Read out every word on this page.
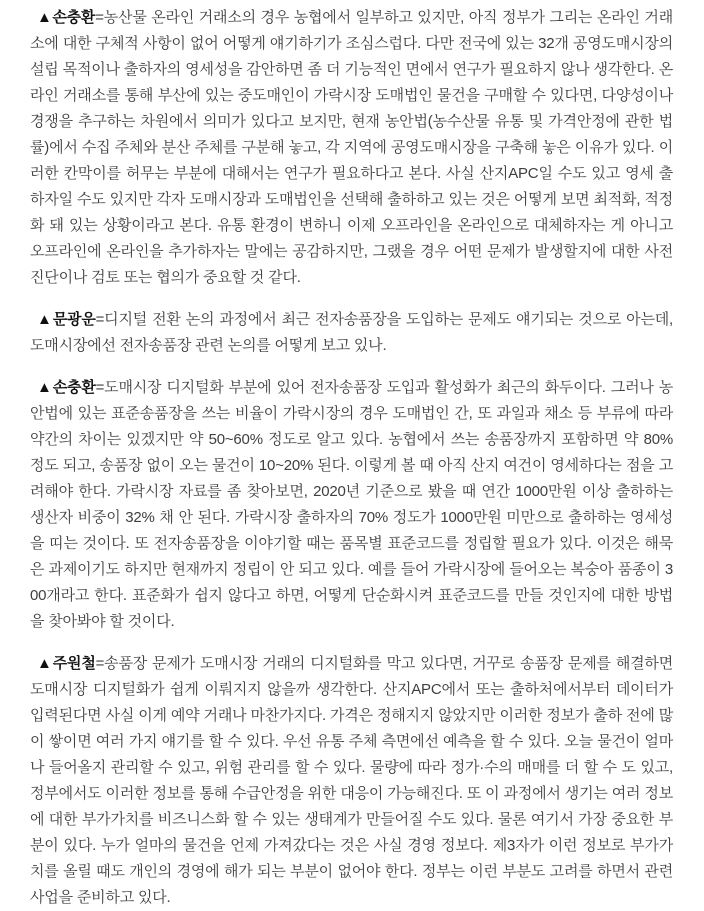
▲손충환=농산물 온라인 거래소의 경우 농협에서 일부하고 있지만, 아직 정부가 그리는 온라인 거래소에 대한 구체적 사항이 없어 어떻게 얘기하기가 조심스럽다. 다만 전국에 있는 32개 공영도매시장의 설립 목적이나 출하자의 영세성을 감안하면 좀 더 기능적인 면에서 연구가 필요하지 않나 생각한다. 온라인 거래소를 통해 부산에 있는 중도매인이 가락시장 도매법인 물건을 구매할 수 있다면, 다양성이나 경쟁을 추구하는 차원에서 의미가 있다고 보지만, 현재 농안법(농수산물 유통 및 가격안정에 관한 법률)에서 수집 주체와 분산 주체를 구분해 놓고, 각 지역에 공영도매시장을 구축해 놓은 이유가 있다. 이러한 칸막이를 허무는 부분에 대해서는 연구가 필요하다고 본다. 사실 산지APC일 수도 있고 영세 출하자일 수도 있지만 각자 도매시장과 도매법인을 선택해 출하하고 있는 것은 어떻게 보면 최적화, 적정화 돼 있는 상황이라고 본다. 유통 환경이 변하니 이제 오프라인을 온라인으로 대체하자는 게 아니고 오프라인에 온라인을 추가하자는 말에는 공감하지만, 그랬을 경우 어떤 문제가 발생할지에 대한 사전 진단이나 검토 또는 협의가 중요할 것 같다.

▲문광운=디지털 전환 논의 과정에서 최근 전자송품장을 도입하는 문제도 얘기되는 것으로 아는데, 도매시장에선 전자송품장 관련 논의를 어떻게 보고 있나.

▲손충환=도매시장 디지털화 부분에 있어 전자송품장 도입과 활성화가 최근의 화두이다. 그러나 농안법에 있는 표준송품장을 쓰는 비율이 가락시장의 경우 도매법인 간, 또 과일과 채소 등 부류에 따라 약간의 차이는 있겠지만 약 50~60% 정도로 알고 있다. 농협에서 쓰는 송품장까지 포함하면 약 80% 정도 되고, 송품장 없이 오는 물건이 10~20% 된다. 이렇게 볼 때 아직 산지 여건이 영세하다는 점을 고려해야 한다. 가락시장 자료를 좀 찾아보면, 2020년 기준으로 봤을 때 연간 1000만원 이상 출하하는 생산자 비중이 32% 채 안 된다. 가락시장 출하자의 70% 정도가 1000만원 미만으로 출하하는 영세성을 띠는 것이다. 또 전자송품장을 이야기할 때는 품목별 표준코드를 정립할 필요가 있다. 이것은 해묵은 과제이기도 하지만 현재까지 정립이 안 되고 있다. 예를 들어 가락시장에 들어오는 복숭아 품종이 300개라고 한다. 표준화가 쉽지 않다고 하면, 어떻게 단순화시켜 표준코드를 만들 것인지에 대한 방법을 찾아봐야 할 것이다.

▲주원철=송품장 문제가 도매시장 거래의 디지털화를 막고 있다면, 거꾸로 송품장 문제를 해결하면 도매시장 디지털화가 쉽게 이뤄지지 않을까 생각한다. 산지APC에서 또는 출하처에서부터 데이터가 입력된다면 사실 이게 예약 거래나 마찬가지다. 가격은 정해지지 않았지만 이러한 정보가 출하 전에 많이 쌓이면 여러 가지 얘기를 할 수 있다. 우선 유통 주체 측면에선 예측을 할 수 있다. 오늘 물건이 얼마나 들어올지 관리할 수 있고, 위험 관리를 할 수 있다. 물량에 따라 정가·수의 매매를 더 할 수 도 있고, 정부에서도 이러한 정보를 통해 수급안정을 위한 대응이 가능해진다. 또 이 과정에서 생기는 여러 정보에 대한 부가가치를 비즈니스화 할 수 있는 생태계가 만들어질 수도 있다. 물론 여기서 가장 중요한 부분이 있다. 누가 얼마의 물건을 언제 가져갔다는 것은 사실 경영 정보다. 제3자가 이런 정보로 부가가치를 올릴 때도 개인의 경영에 해가 되는 부분이 없어야 한다. 정부는 이런 부분도 고려를 하면서 관련 사업을 준비하고 있다.
